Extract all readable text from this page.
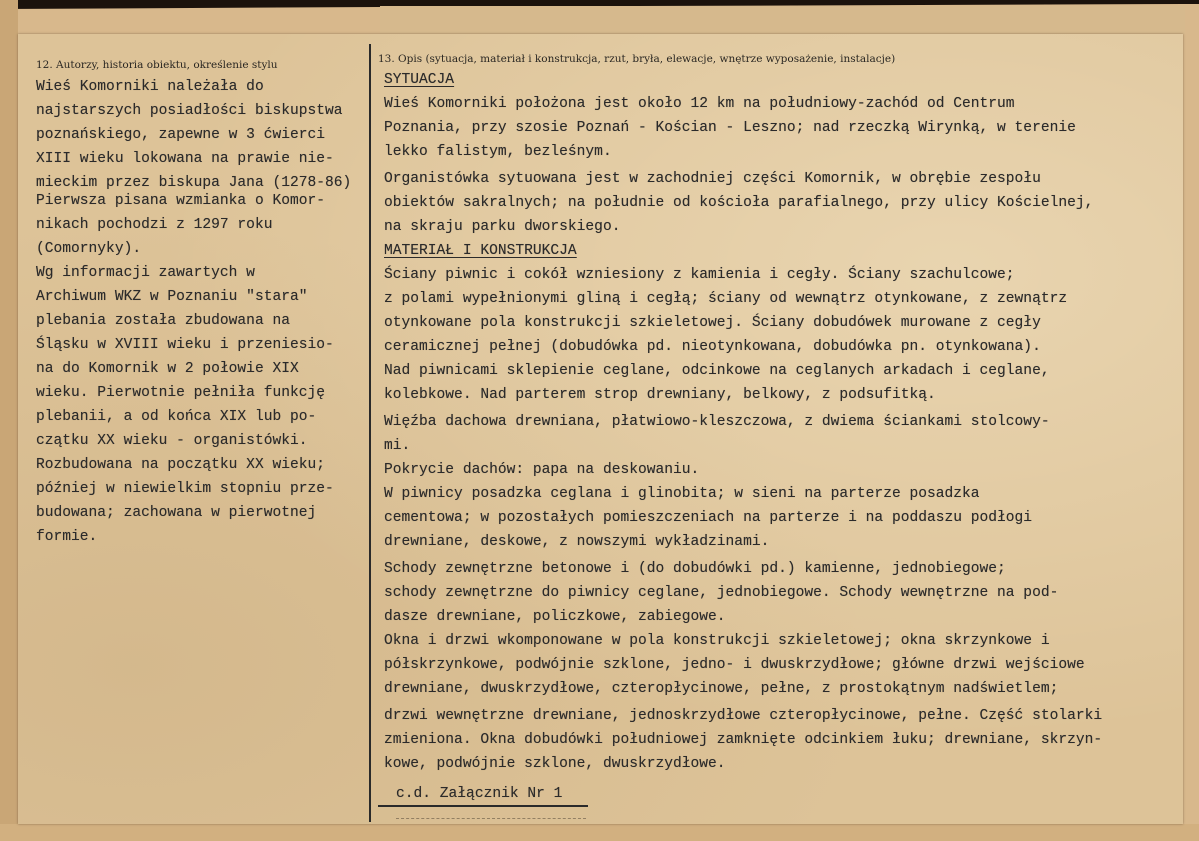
12. Autorzy, historia obiektu, określenie stylu	13. Opis (sytuacja, materiał i konstrukcja, rzut, bryła, elewacje, wnętrze wyposażenie, instalacje)
Wieś Komorniki należała do
najstarszych posiadłości biskupstwa
poznańskiego, zapewne w 3 ćwierci
XIII wieku lokowana na prawie nie-
mieckim przez biskupa Jana (1278-86)
Pierwsza pisana wzmianka o Komor-
nikach pochodzi z 1297 roku
(Comornyky).
Wg informacji zawartych w
Archiwum WKZ w Poznaniu "stara"
plebania została zbudowana na
Śląsku w XVIII wieku i przeniesio-
na do Komornik w 2 połowie XIX
wieku. Pierwotnie pełniła funkcję
plebanii, a od końca XIX lub po-
czątku XX wieku - organistówki.
Rozbudowana na początku XX wieku;
później w niewielkim stopniu prze-
budowana; zachowana w pierwotnej
formie.
SYTUACJA
Wieś Komorniki położona jest około 12 km na południowy-zachód od Centrum
Poznania, przy szosie Poznań - Kościan - Leszno; nad rzeczką Wirynką, w terenie
lekko falistym, bezleśnym.
Organistówka sytuowana jest w zachodniej części Komornik, w obrębie zespołu
obiektów sakralnych; na południe od kościoła parafialnego, przy ulicy Kościelnej,
na skraju parku dworskiego.
MATERIAŁ I KONSTRUKCJA
Ściany piwnic i cokół wzniesiony z kamienia i cegły. Ściany szachulcowe;
z polami wypełnionymi gliną i cegłą; ściany od wewnątrz otynkowane, z zewnątrz
otynkowane pola konstrukcji szkieletowej. Ściany dobudówek murowane z cegły
ceramicznej pełnej (dobudówka pd. nieotynkowana, dobudówka pn. otynkowana).
Nad piwnicami sklepienie ceglane, odcinkowe na ceglanych arkadach i ceglane,
kolebkowe. Nad parterem strop drewniany, belkowy, z podsufitką.
Więźba dachowa drewniana, płatwiowo-kleszczowa, z dwiema ściankami stolcowy-
mi.
Pokrycie dachów: papa na deskowaniu.
W piwnicy posadzka ceglana i glinobita; w sieni na parterze posadzka
cementowa; w pozostałych pomieszczeniach na parterze i na poddaszu podłogi
drewniane, deskowe, z nowszymi wykładzinami.
Schody zewnętrzne betonowe i (do dobudówki pd.) kamienne, jednobiegowe;
schody zewnętrzne do piwnicy ceglane, jednobiegowe. Schody wewnętrzne na pod-
dasze drewniane, policzkowe, zabiegowe.
Okna i drzwi wkomponowane w pola konstrukcji szkieletowej; okna skrzynkowe i
półskrzynkowe, podwójnie szklone, jedno- i dwuskrzydłowe; główne drzwi wejściowe
drewniane, dwuskrzydłowe, czteropłycinowe, pełne, z prostokątnym nadświetlem;
drzwi wewnętrzne drewniane, jednoskrzydłowe czteropłycinowe, pełne. Część stolarki
zmieniona. Okna dobudówki południowej zamknięte odcinkiem łuku; drewniane, skrzyn-
kowe, podwójnie szklone, dwuskrzydłowe.
c.d. Załącznik Nr 1
